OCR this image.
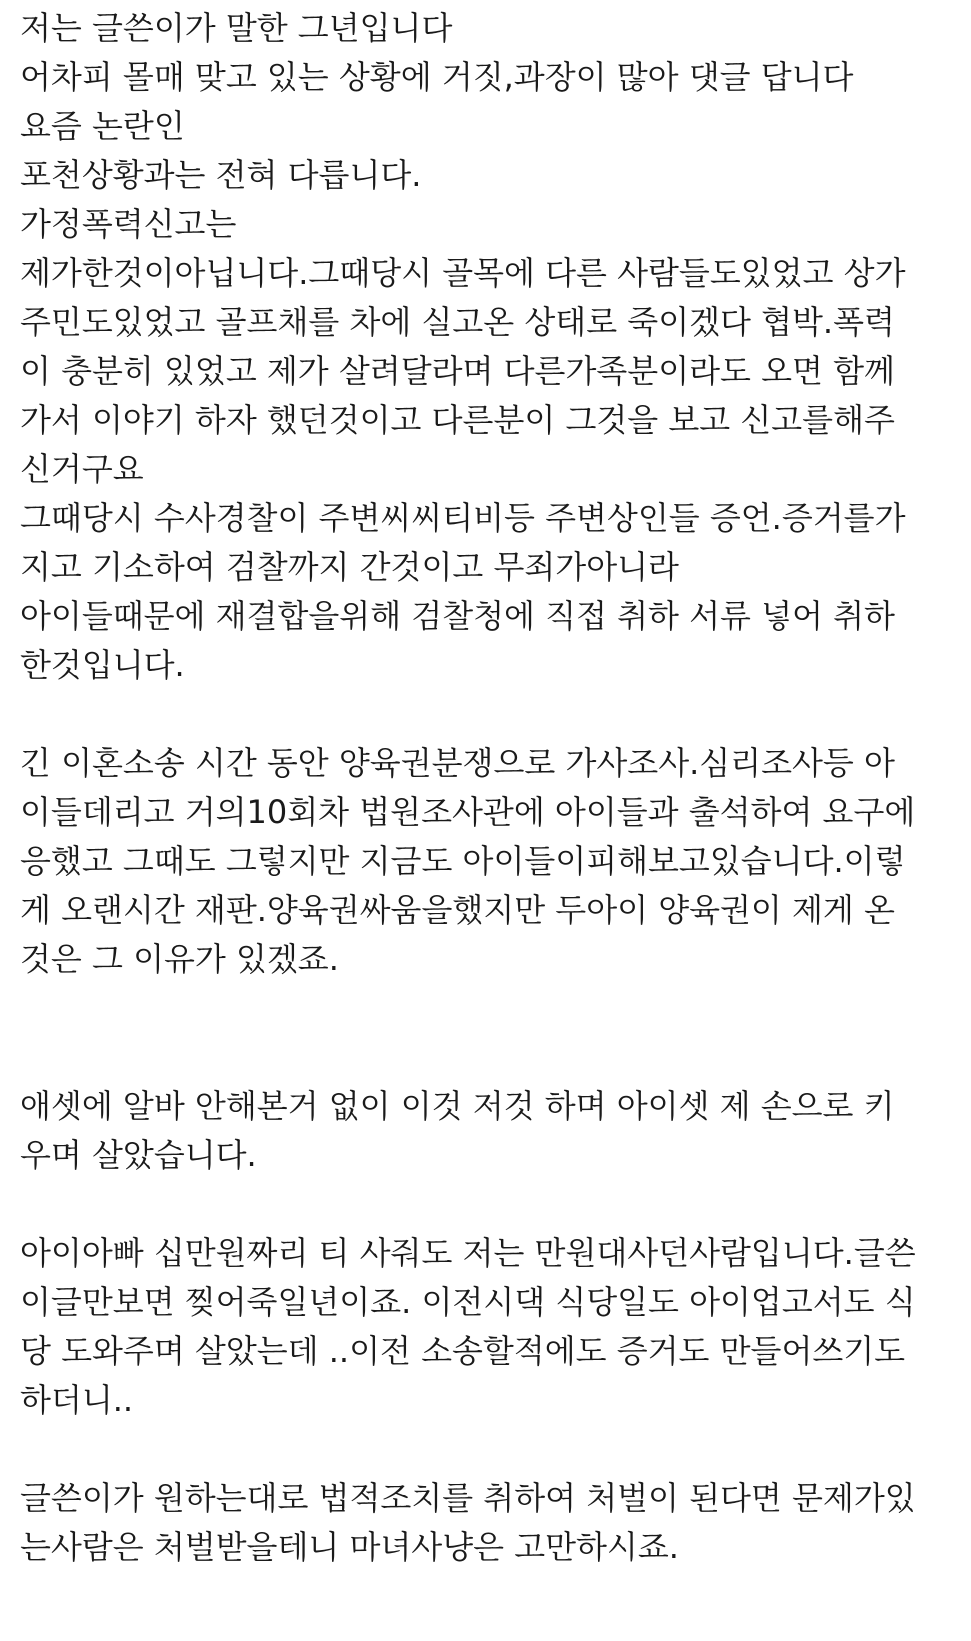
저는 글쓴이가 말한 그년입니다
어차피 몰매 맞고 있는 상황에 거짓,과장이 많아 댓글 답니다
요즘 논란인
포천상황과는 전혀 다릅니다.
가정폭력신고는
제가한것이아닙니다.그때당시 골목에 다른 사람들도있었고 상가
주민도있었고 골프채를 차에 실고온 상태로 죽이겠다 협박.폭력
이 충분히 있었고 제가 살려달라며 다른가족분이라도 오면 함께
가서 이야기 하자 했던것이고 다른분이 그것을 보고 신고를해주
신거구요
그때당시 수사경찰이 주변씨씨티비등 주변상인들 증언.증거를가
지고 기소하여 검찰까지 간것이고 무죄가아니라
아이들때문에 재결합을위해 검찰청에 직접 취하 서류 넣어 취하
한것입니다.
긴 이혼소송 시간 동안 양육권분쟁으로 가사조사.심리조사등 아
이들데리고 거의10회차 법원조사관에 아이들과 출석하여 요구에
응했고 그때도 그렇지만 지금도 아이들이피해보고있습니다.이렇
게 오랜시간 재판.양육권싸움을했지만 두아이 양육권이 제게 온
것은 그 이유가 있겠죠.
애셋에 알바 안해본거 없이 이것 저것 하며 아이셋 제 손으로 키
우며 살았습니다.
아이아빠 십만원짜리 티 사줘도 저는 만원대사던사람입니다.글쓴
이글만보면 찢어죽일년이죠. 이전시댁 식당일도 아이업고서도 식
당 도와주며 살았는데 ..이전 소송할적에도 증거도 만들어쓰기도
하더니..
글쓴이가 원하는대로 법적조치를 취하여 처벌이 된다면 문제가있
는사람은 처벌받을테니 마녀사냥은 고만하시죠.
